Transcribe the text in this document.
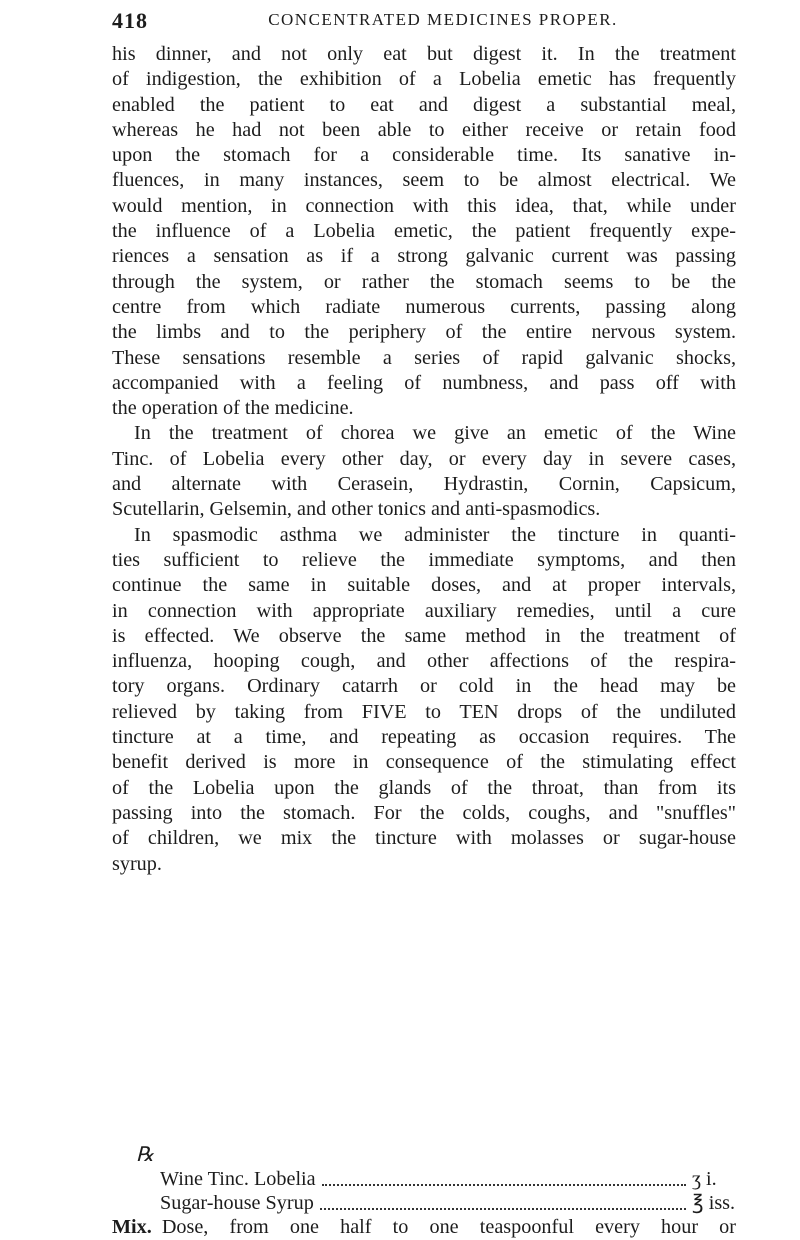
418	CONCENTRATED MEDICINES PROPER.
his dinner, and not only eat but digest it. In the treatment
of indigestion, the exhibition of a Lobelia emetic has frequently
enabled the patient to eat and digest a substantial meal,
whereas he had not been able to either receive or retain food
upon the stomach for a considerable time. Its sanative in-
fluences, in many instances, seem to be almost electrical. We
would mention, in connection with this idea, that, while under
the influence of a Lobelia emetic, the patient frequently expe-
riences a sensation as if a strong galvanic current was passing
through the system, or rather the stomach seems to be the
centre from which radiate numerous currents, passing along
the limbs and to the periphery of the entire nervous system.
These sensations resemble a series of rapid galvanic shocks,
accompanied with a feeling of numbness, and pass off with
the operation of the medicine.
In the treatment of chorea we give an emetic of the Wine
Tinc. of Lobelia every other day, or every day in severe cases,
and alternate with Cerasein, Hydrastin, Cornin, Capsicum,
Scutellarin, Gelsemin, and other tonics and anti-spasmodics.
In spasmodic asthma we administer the tincture in quanti-
ties sufficient to relieve the immediate symptoms, and then
continue the same in suitable doses, and at proper intervals,
in connection with appropriate auxiliary remedies, until a cure
is effected. We observe the same method in the treatment of
influenza, hooping cough, and other affections of the respira-
tory organs. Ordinary catarrh or cold in the head may be
relieved by taking from FIVE to TEN drops of the undiluted
tincture at a time, and repeating as occasion requires. The
benefit derived is more in consequence of the stimulating effect
of the Lobelia upon the glands of the throat, than from its
passing into the stomach. For the colds, coughs, and "snuffles"
of children, we mix the tincture with molasses or sugar-house
syrup.
℞
Wine Tinc. Lobelia	ʒ i.
Sugar-house Syrup	℥ iss.
Mix. Dose, from one half to one teaspoonful every hour or
